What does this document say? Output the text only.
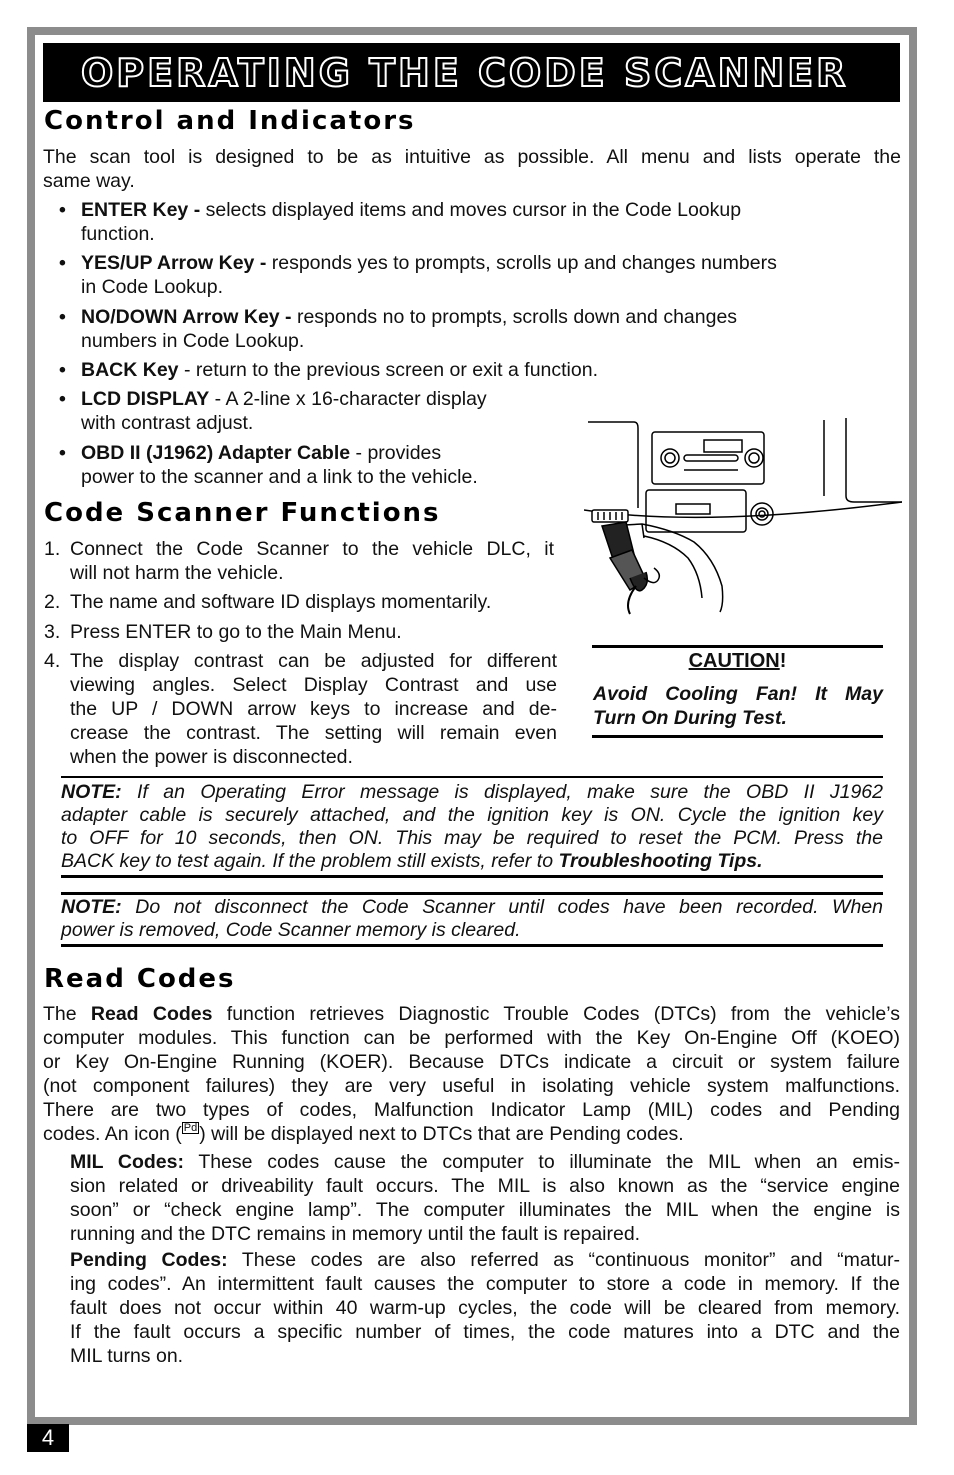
OPERATING THE CODE SCANNER
Control and Indicators
The scan tool is designed to be as intuitive as possible. All menu and lists operate the
same way.
• ENTER Key - selects displayed items and moves cursor in the Code Lookup
function.
• YES/UP Arrow Key - responds yes to prompts, scrolls up and changes numbers
in Code Lookup.
• NO/DOWN Arrow Key - responds no to prompts, scrolls down and changes
numbers in Code Lookup.
• BACK Key - return to the previous screen or exit a function.
• LCD DISPLAY - A 2-line x 16-character display
with contrast adjust.
• OBD II (J1962) Adapter Cable - provides
power to the scanner and a link to the vehicle.
Code Scanner Functions
1. Connect the Code Scanner to the vehicle DLC, it
will not harm the vehicle.
2. The name and software ID displays momentarily.
3. Press ENTER to go to the Main Menu.
4. The display contrast can be adjusted for different
viewing angles. Select Display Contrast and use
the UP / DOWN arrow keys to increase and de-
crease the contrast. The setting will remain even
when the power is disconnected.
CAUTION!
Avoid Cooling Fan! It May
Turn On During Test.
NOTE: If an Operating Error message is displayed, make sure the OBD II J1962
adapter cable is securely attached, and the ignition key is ON. Cycle the ignition key
to OFF for 10 seconds, then ON. This may be required to reset the PCM. Press the
BACK key to test again. If the problem still exists, refer to Troubleshooting Tips.
NOTE: Do not disconnect the Code Scanner until codes have been recorded. When
power is removed, Code Scanner memory is cleared.
Read Codes
The Read Codes function retrieves Diagnostic Trouble Codes (DTCs) from the vehicle’s
computer modules. This function can be performed with the Key On-Engine Off (KOEO)
or Key On-Engine Running (KOER). Because DTCs indicate a circuit or system failure
(not component failures) they are very useful in isolating vehicle system malfunctions.
There are two types of codes, Malfunction Indicator Lamp (MIL) codes and Pending
codes. An icon ( Pd ) will be displayed next to DTCs that are Pending codes.
MIL Codes: These codes cause the computer to illuminate the MIL when an emis-
sion related or driveability fault occurs. The MIL is also known as the “service engine
soon” or “check engine lamp”. The computer illuminates the MIL when the engine is
running and the DTC remains in memory until the fault is repaired.
Pending Codes: These codes are also referred as “continuous monitor” and “matur-
ing codes”. An intermittent fault causes the computer to store a code in memory. If the
fault does not occur within 40 warm-up cycles, the code will be cleared from memory.
If the fault occurs a specific number of times, the code matures into a DTC and the
MIL turns on.
4
